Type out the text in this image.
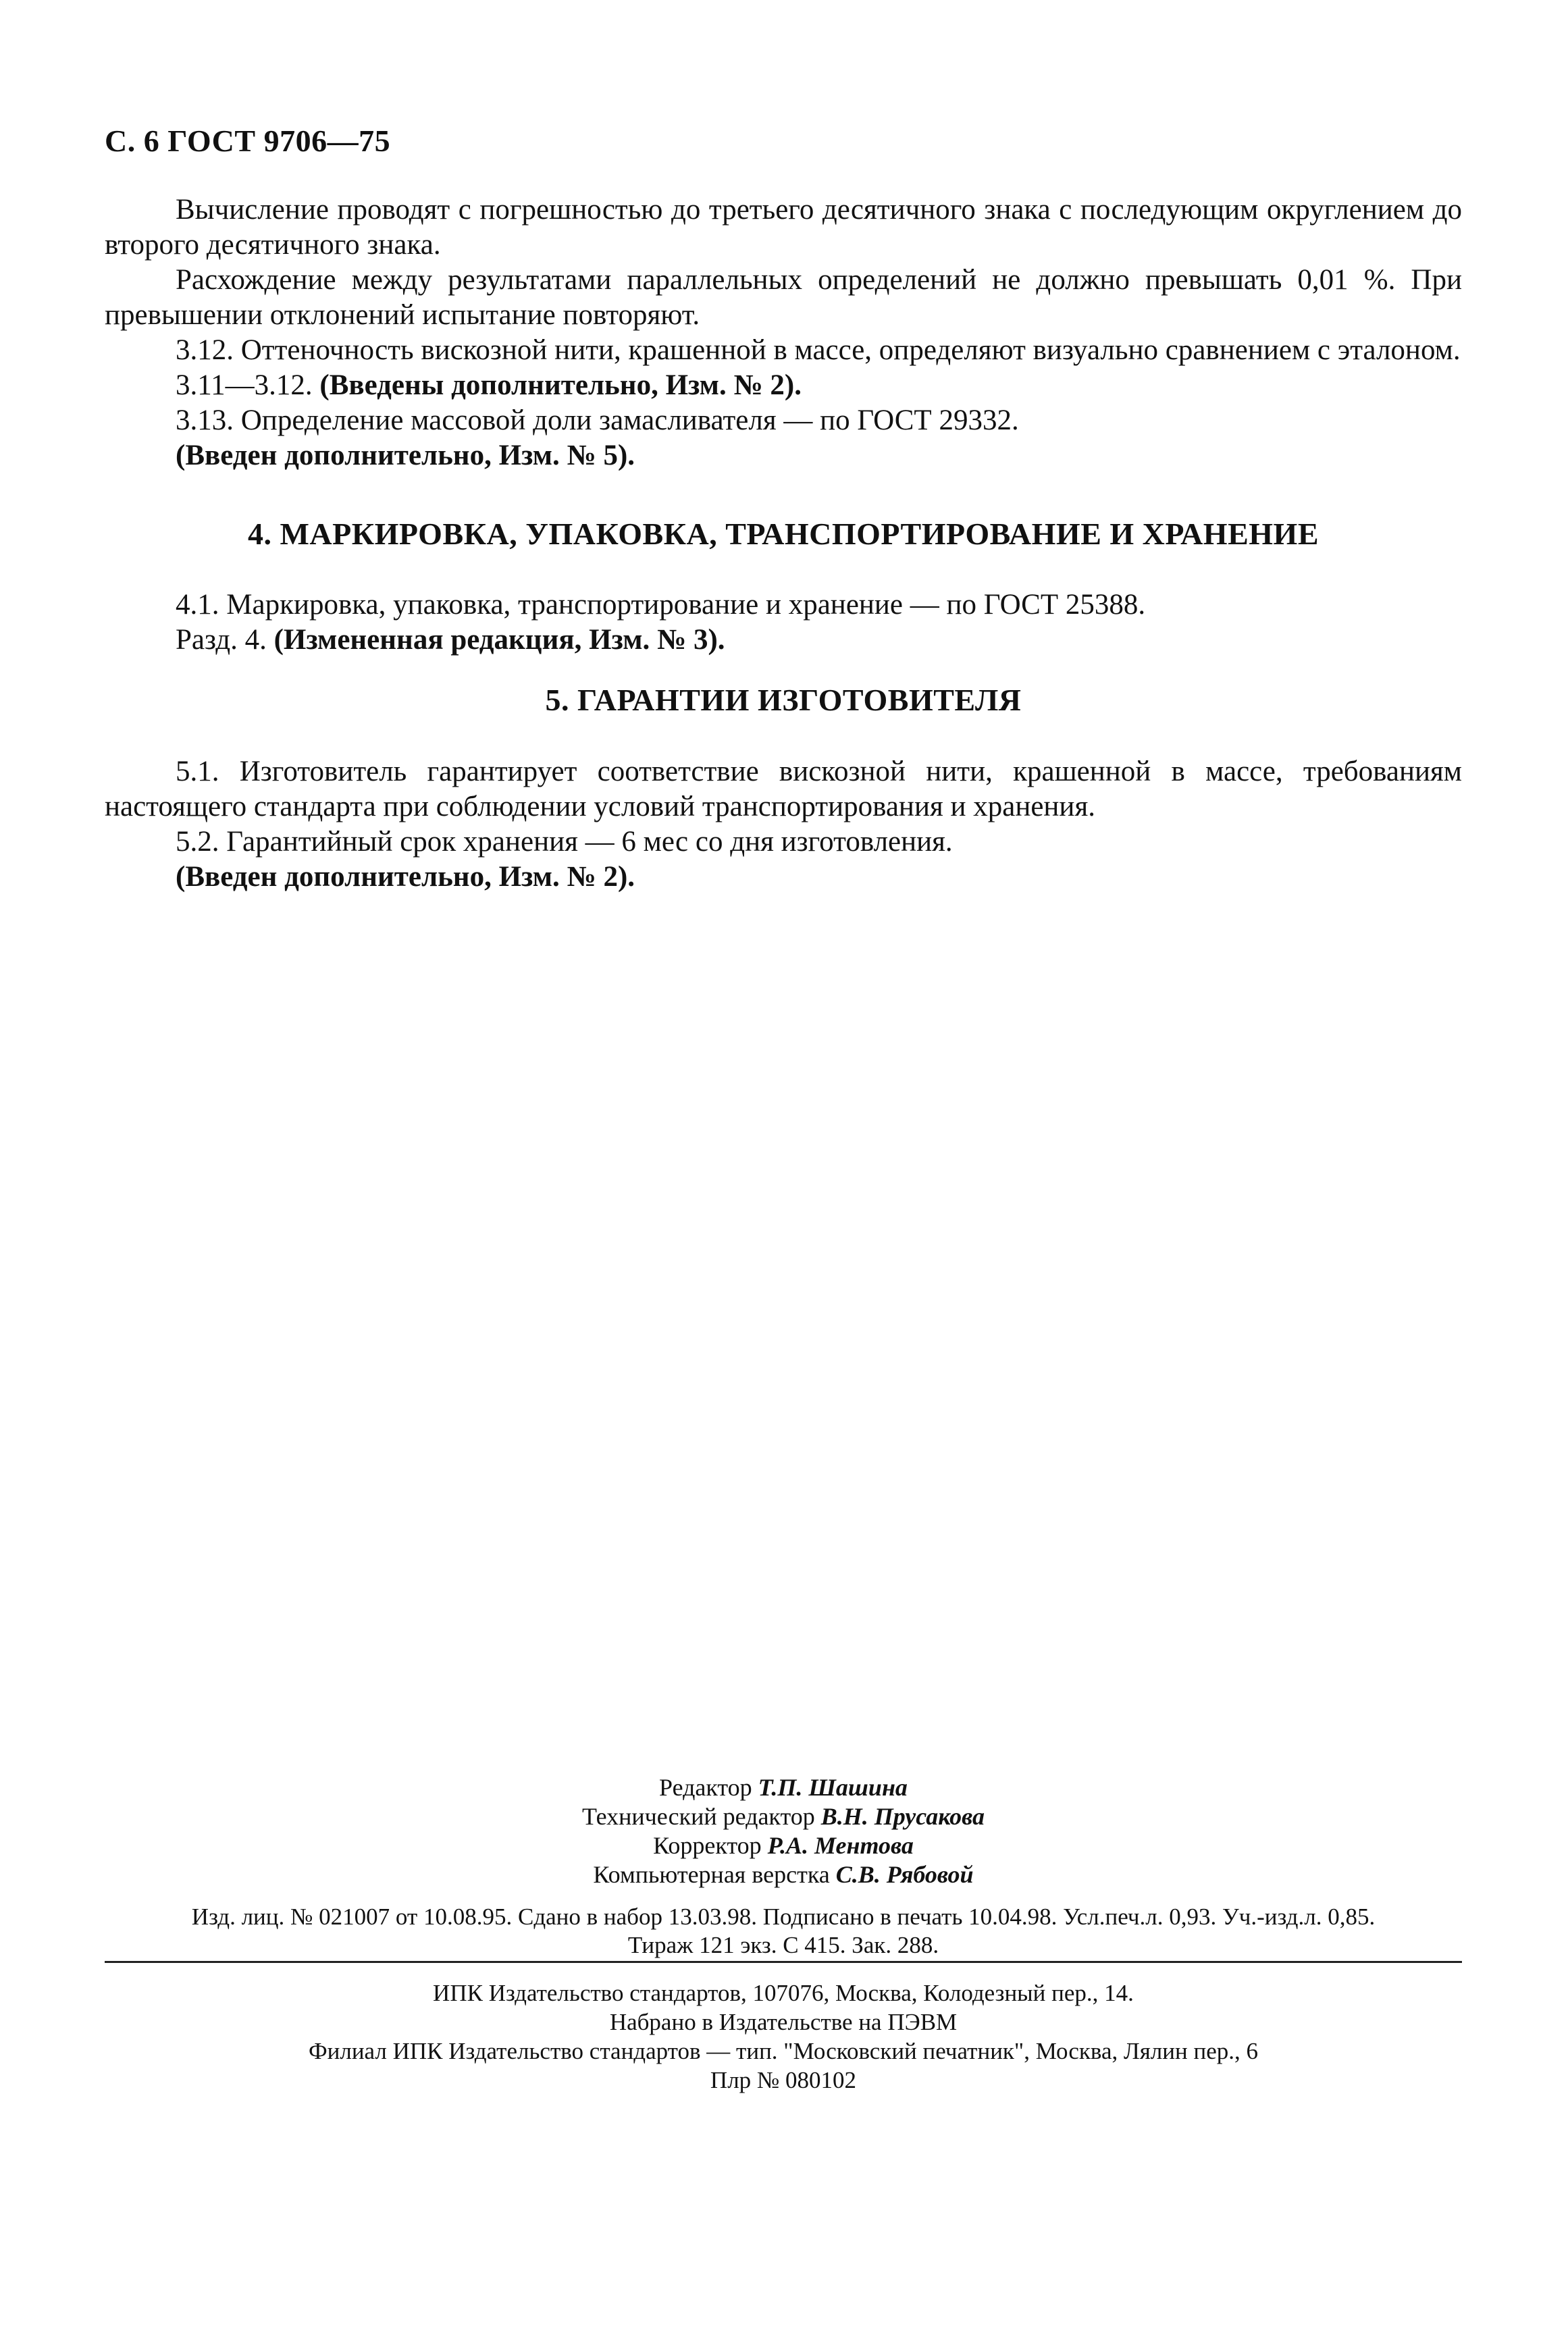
С. 6 ГОСТ 9706—75

Вычисление проводят с погрешностью до третьего десятичного знака с последующим округлением до второго десятичного знака.

Расхождение между результатами параллельных определений не должно превышать 0,01 %. При превышении отклонений испытание повторяют.

3.12. Оттеночность вискозной нити, крашенной в массе, определяют визуально сравнением с эталоном.

3.11—3.12. (Введены дополнительно, Изм. № 2).

3.13. Определение массовой доли замасливателя — по ГОСТ 29332.

(Введен дополнительно, Изм. № 5).

4. МАРКИРОВКА, УПАКОВКА, ТРАНСПОРТИРОВАНИЕ И ХРАНЕНИЕ

4.1. Маркировка, упаковка, транспортирование и хранение — по ГОСТ 25388.

Разд. 4. (Измененная редакция, Изм. № 3).

5. ГАРАНТИИ ИЗГОТОВИТЕЛЯ

5.1. Изготовитель гарантирует соответствие вискозной нити, крашенной в массе, требованиям настоящего стандарта при соблюдении условий транспортирования и хранения.

5.2. Гарантийный срок хранения — 6 мес со дня изготовления.

(Введен дополнительно, Изм. № 2).

Редактор Т.П. Шашина
Технический редактор В.Н. Прусакова
Корректор Р.А. Ментова
Компьютерная верстка С.В. Рябовой
Изд. лиц. № 021007 от 10.08.95. Сдано в набор 13.03.98. Подписано в печать 10.04.98. Усл.печ.л. 0,93. Уч.-изд.л. 0,85.
Тираж 121 экз. С 415. Зак. 288.
ИПК Издательство стандартов, 107076, Москва, Колодезный пер., 14.
Набрано в Издательстве на ПЭВМ
Филиал ИПК Издательство стандартов — тип. "Московский печатник", Москва, Лялин пер., 6
Плр № 080102
